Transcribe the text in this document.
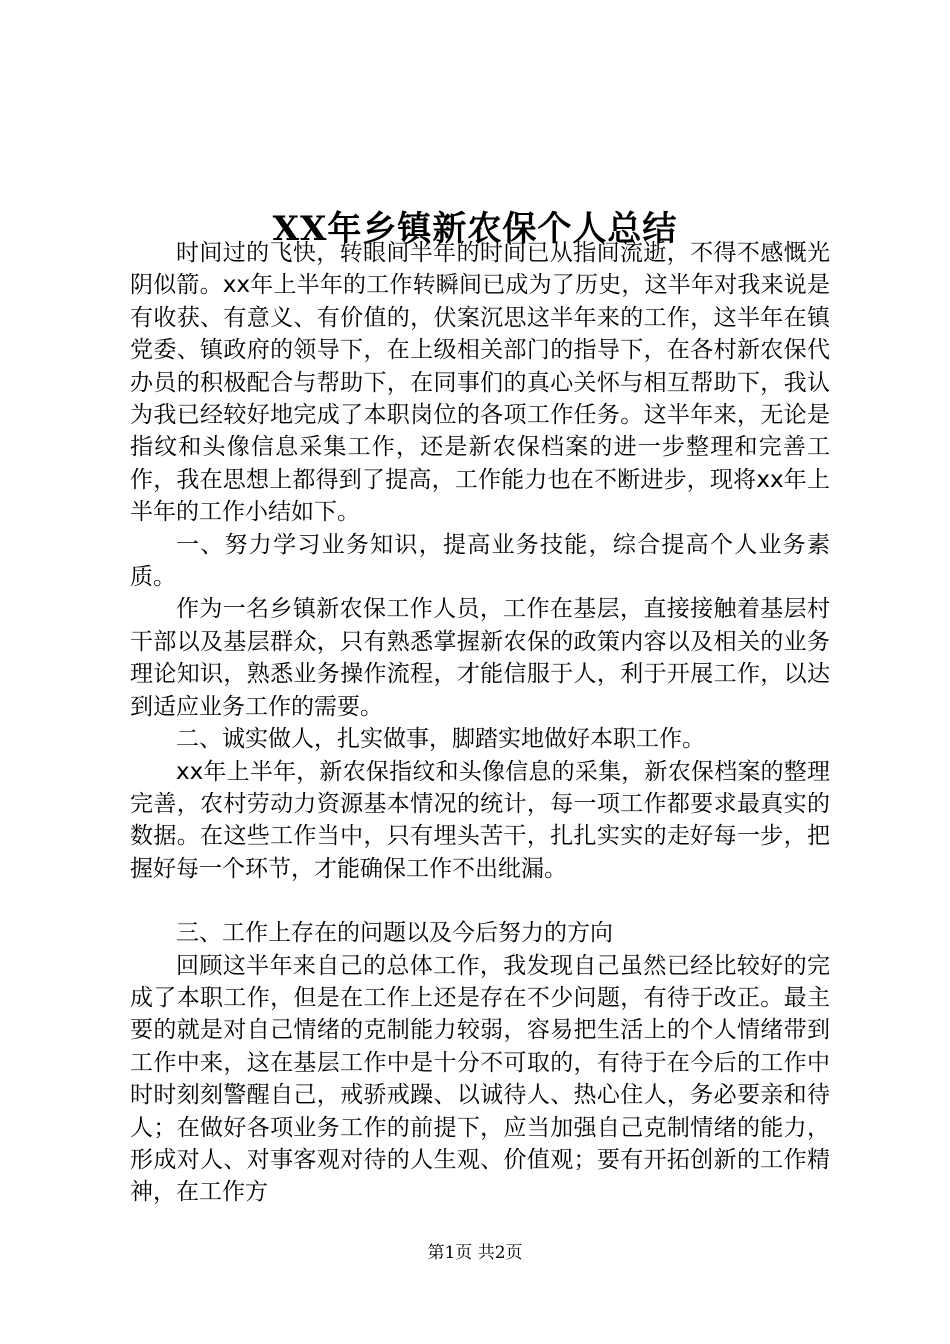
XX年乡镇新农保个人总结

时间过的飞快，转眼间半年的时间已从指间流逝，不得不感慨光阴似箭。xx年上半年的工作转瞬间已成为了历史，这半年对我来说是有收获、有意义、有价值的，伏案沉思这半年来的工作，这半年在镇党委、镇政府的领导下，在上级相关部门的指导下，在各村新农保代办员的积极配合与帮助下，在同事们的真心关怀与相互帮助下，我认为我已经较好地完成了本职岗位的各项工作任务。这半年来，无论是指纹和头像信息采集工作，还是新农保档案的进一步整理和完善工作，我在思想上都得到了提高，工作能力也在不断进步，现将xx年上半年的工作小结如下。

一、努力学习业务知识，提高业务技能，综合提高个人业务素质。

作为一名乡镇新农保工作人员，工作在基层，直接接触着基层村干部以及基层群众，只有熟悉掌握新农保的政策内容以及相关的业务理论知识，熟悉业务操作流程，才能信服于人，利于开展工作，以达到适应业务工作的需要。

二、诚实做人，扎实做事，脚踏实地做好本职工作。

xx年上半年，新农保指纹和头像信息的采集，新农保档案的整理完善，农村劳动力资源基本情况的统计，每一项工作都要求最真实的数据。在这些工作当中，只有埋头苦干，扎扎实实的走好每一步，把握好每一个环节，才能确保工作不出纰漏。

三、工作上存在的问题以及今后努力的方向

回顾这半年来自己的总体工作，我发现自己虽然已经比较好的完成了本职工作，但是在工作上还是存在不少问题，有待于改正。最主要的就是对自己情绪的克制能力较弱，容易把生活上的个人情绪带到工作中来，这在基层工作中是十分不可取的，有待于在今后的工作中时时刻刻警醒自己，戒骄戒躁、以诚待人、热心住人，务必要亲和待人；在做好各项业务工作的前提下，应当加强自己克制情绪的能力，形成对人、对事客观对待的人生观、价值观；要有开拓创新的工作精神，在工作方

第1页 共2页
